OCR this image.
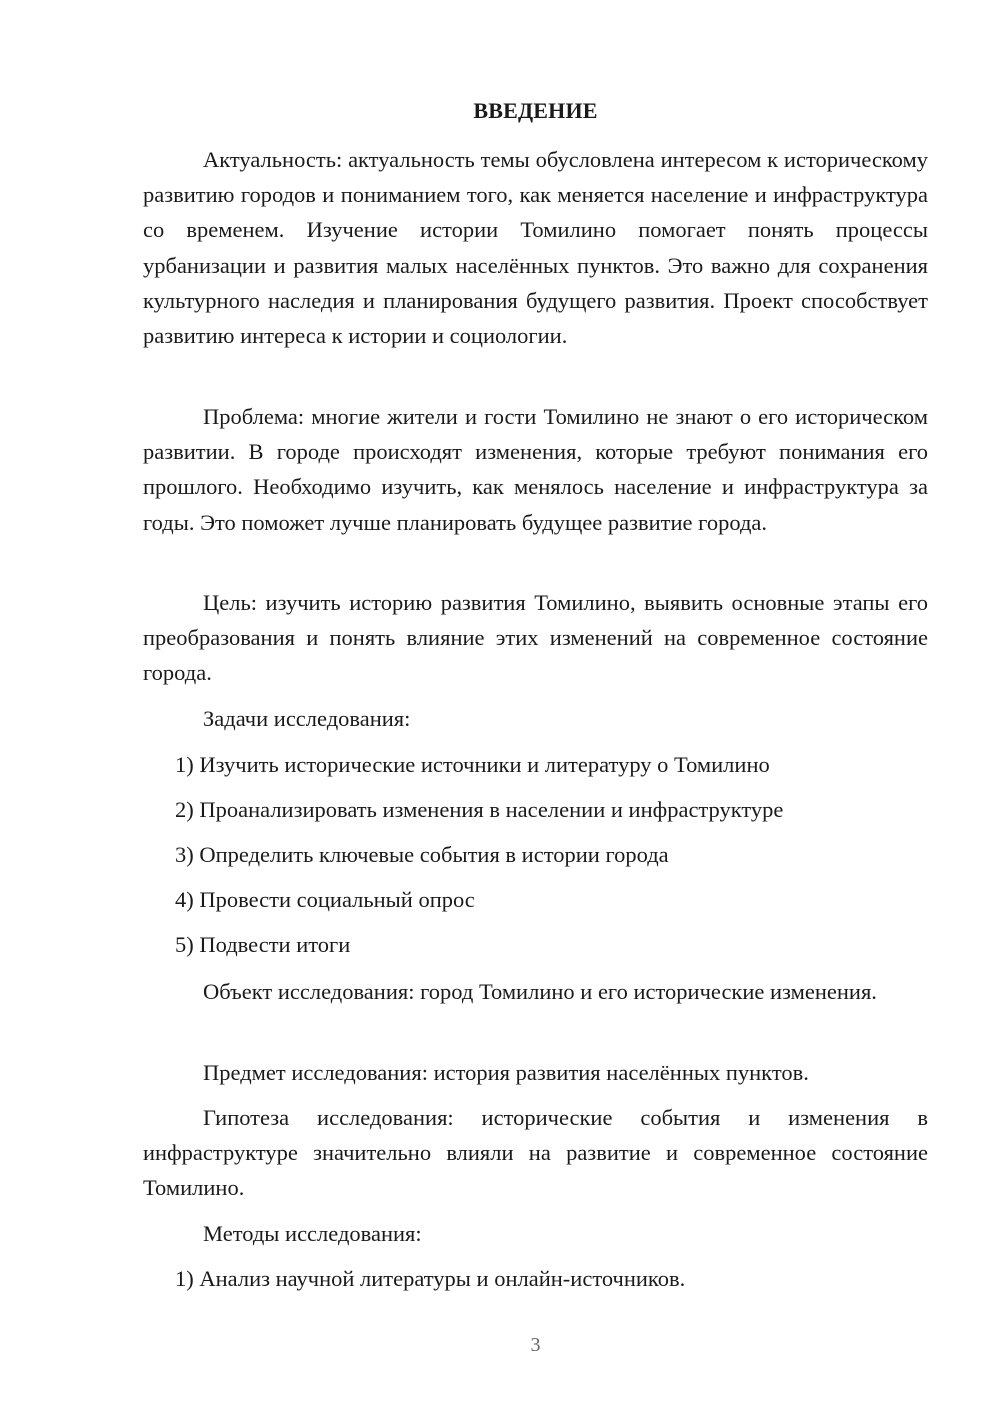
ВВЕДЕНИЕ

Актуальность: актуальность темы обусловлена интересом к историческому развитию городов и пониманием того, как меняется население и инфраструктура со временем. Изучение истории Томилино помогает понять процессы урбанизации и развития малых населённых пунктов. Это важно для сохранения культурного наследия и планирования будущего развития. Проект способствует развитию интереса к истории и социологии.

Проблема: многие жители и гости Томилино не знают о его историческом развитии. В городе происходят изменения, которые требуют понимания его прошлого. Необходимо изучить, как менялось население и инфраструктура за годы. Это поможет лучше планировать будущее развитие города.

Цель: изучить историю развития Томилино, выявить основные этапы его преобразования и понять влияние этих изменений на современное состояние города.

Задачи исследования:

1) Изучить исторические источники и литературу о Томилино

2) Проанализировать изменения в населении и инфраструктуре

3) Определить ключевые события в истории города

4) Провести социальный опрос

5) Подвести итоги

Объект исследования: город Томилино и его исторические изменения.

Предмет исследования: история развития населённых пунктов.

Гипотеза исследования: исторические события и изменения в инфраструктуре значительно влияли на развитие и современное состояние Томилино.

Методы исследования:

1) Анализ научной литературы и онлайн-источников.

3
